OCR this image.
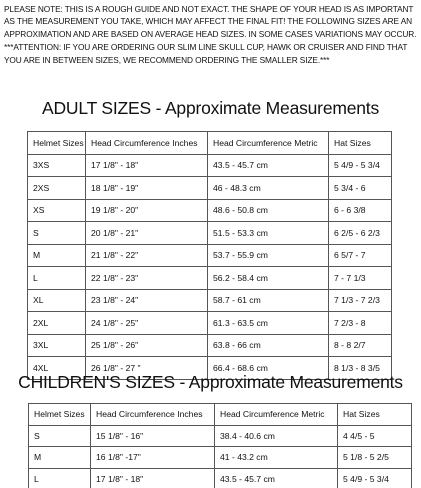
PLEASE NOTE: THIS IS A ROUGH GUIDE AND NOT EXACT. THE SHAPE OF YOUR HEAD IS AS IMPORTANT AS THE MEASUREMENT YOU TAKE, WHICH MAY AFFECT THE FINAL FIT! THE FOLLOWING SIZES ARE AN APPROXIMATION AND ARE BASED ON AVERAGE HEAD SIZES. IN SOME CASES VARIATIONS MAY OCCUR.

***ATTENTION: IF YOU ARE ORDERING OUR SLIM LINE SKULL CUP, HAWK OR CRUISER AND FIND THAT YOU ARE IN BETWEEN SIZES, WE RECOMMEND ORDERING THE SMALLER SIZE.***

ADULT SIZES - Approximate Measurements
Helmet Sizes	Head Circumference Inches	Head Circumference Metric	Hat Sizes
3XS	17 1/8" - 18"	43.5 - 45.7 cm	5 4/9 - 5 3/4
2XS	18 1/8" - 19"	46 - 48.3 cm	5 3/4 - 6
XS	19 1/8" - 20"	48.6 - 50.8 cm	6 - 6 3/8
S	20 1/8" - 21"	51.5 - 53.3 cm	6 2/5 - 6 2/3
M	21 1/8" - 22"	53.7 - 55.9 cm	6 5/7 - 7
L	22 1/8" - 23"	56.2 - 58.4 cm	7 - 7 1/3
XL	23 1/8" - 24"	58.7 - 61 cm	7 1/3 - 7 2/3
2XL	24 1/8" - 25"	61.3 - 63.5 cm	7 2/3 - 8
3XL	25 1/8" - 26"	63.8 - 66 cm	8 - 8 2/7
4XL	26 1/8" - 27 "	66.4 - 68.6 cm	8 1/3 - 8 3/5
CHILDREN'S SIZES - Approximate Measurements
Helmet Sizes	Head Circumference Inches	Head Circumference Metric	Hat Sizes
S	15 1/8" - 16"	38.4 - 40.6 cm	4 4/5 - 5
M	16 1/8" -17"	41 - 43.2 cm	5 1/8 - 5 2/5
L	17 1/8" - 18"	43.5 - 45.7 cm	5 4/9 - 5 3/4
